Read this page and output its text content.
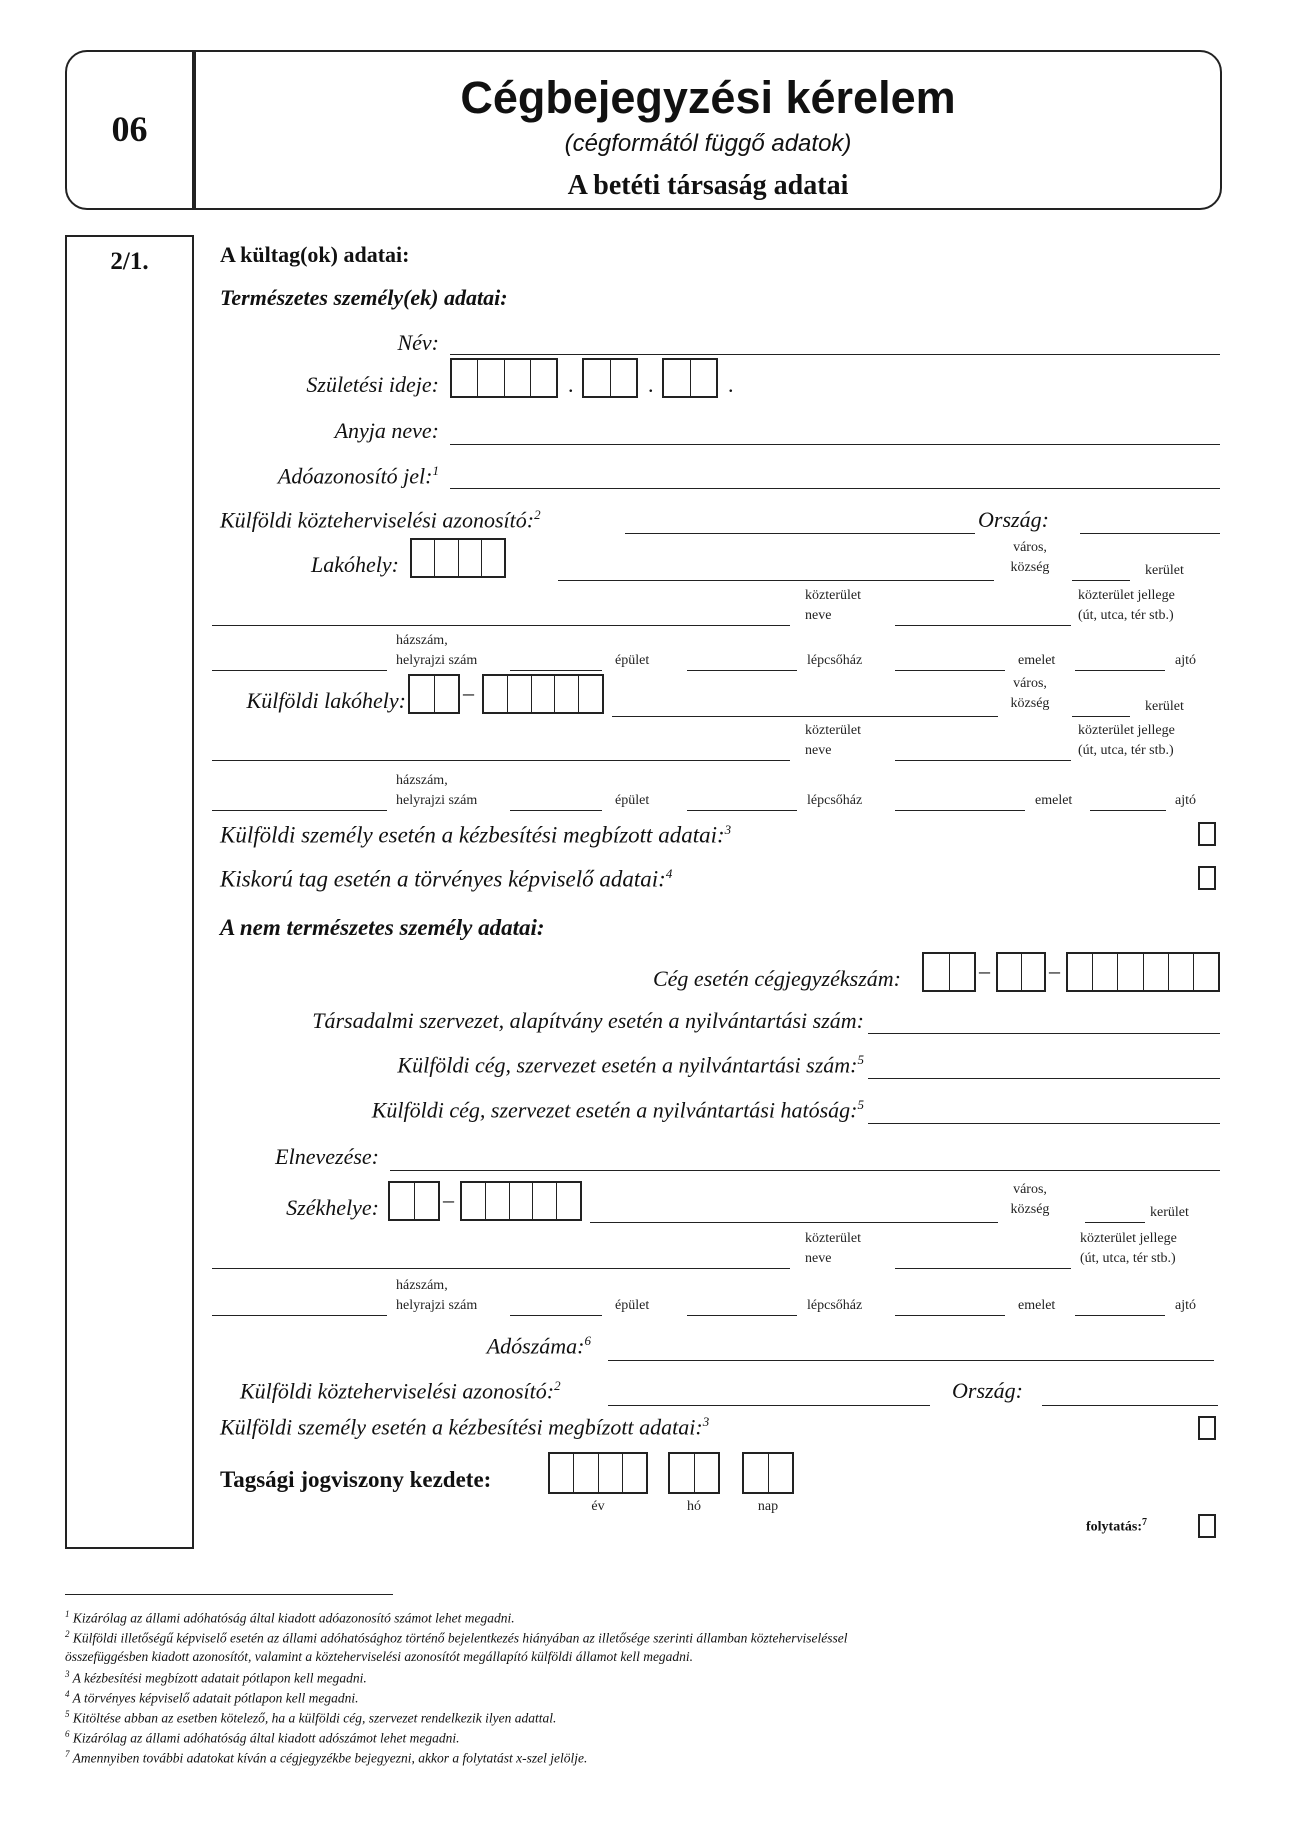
06
Cégbejegyzési kérelem
(cégformától függő adatok)
A betéti társaság adatai
2/1.	A kültag(ok) adatai:
Természetes személy(ek) adatai:
Név:
Születési ideje:	.	.	.
Anyja neve:
Adóazonosító jel:$^1$
Külföldi közteherviselési azonosító:$^2$	Ország:
Lakóhely:
város,
község	kerület
közterület
neve
közterület jellege
(út, utca, tér stb.)
házszám,
helyrajzi szám	épület	lépcsőház	emelet	ajtó
Külföldi lakóhely:	–	város,
község	kerület
közterület
neve
közterület jellege
(út, utca, tér stb.)
házszám,
helyrajzi szám	épület	lépcsőház	emelet	ajtó
Külföldi személy esetén a kézbesítési megbízott adatai:$^3$
Kiskorú tag esetén a törvényes képviselő adatai:$^4$
A nem természetes személy adatai:
Cég esetén cégjegyzékszám:	–	–
Társadalmi szervezet, alapítvány esetén a nyilvántartási szám:
Külföldi cég, szervezet esetén a nyilvántartási szám:$^5$
Külföldi cég, szervezet esetén a nyilvántartási hatóság:$^5$
Elnevezése:
Székhelye:	–	város,
község	kerület
közterület
neve
közterület jellege
(út, utca, tér stb.)
házszám,
helyrajzi szám	épület	lépcsőház	emelet	ajtó
Adószáma:$^6$
Külföldi közteherviselési azonosító:$^2$	Ország:
Külföldi személy esetén a kézbesítési megbízott adatai:$^3$
Tagsági jogviszony kezdete:
év	hó	nap
folytatás:$^7$
$^1$ Kizárólag az állami adóhatóság által kiadott adóazonosító számot lehet megadni.
$^2$ Külföldi illetőségű képviselő esetén az állami adóhatósághoz történő bejelentkezés hiányában az illetősége szerinti államban közteherviseléssel
összefüggésben kiadott azonosítót, valamint a közteherviselési azonosítót megállapító külföldi államot kell megadni.
$^3$ A kézbesítési megbízott adatait pótlapon kell megadni.
$^4$ A törvényes képviselő adatait pótlapon kell megadni.
$^5$ Kitöltése abban az esetben kötelező, ha a külföldi cég, szervezet rendelkezik ilyen adattal.
$^6$ Kizárólag az állami adóhatóság által kiadott adószámot lehet megadni.
$^7$ Amennyiben további adatokat kíván a cégjegyzékbe bejegyezni, akkor a folytatást x-szel jelölje.
